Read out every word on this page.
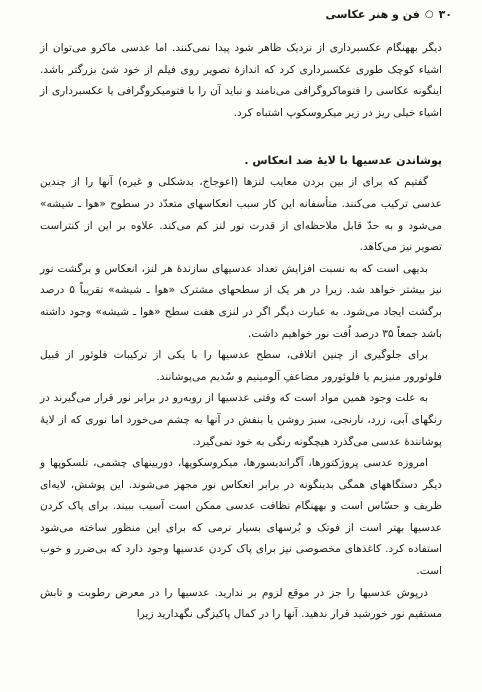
۳۰
○
فن و هنر عکاسی

دیگر بههنگام عکسبرداری از نزدیک ظاهر شود پیدا نمی‌کنند. اما عدسی ماکرو می‌توان از اشیاء کوچک طوری عکسبرداری کرد که اندازهٔ تصویر روی فیلم از خود شئ بزرگتر باشد. اینگونه عکاسی را فتوماکروگرافی می‌نامند و نباید آن را با فتومیکروگرافی یا عکسبرداری از اشیاء خیلی ریز در زیر میکروسکوپ اشتباه کرد.

پوشاندن عدسیها با لایهٔ ضد انعکاس .

گفتیم که برای از بین بردن معایب لنزها (اعوجاج، بدشکلی و غیره) آنها را از چندین عدسی ترکیب می‌کنند. متأسفانه این کار سبب انعکاسهای متعدّد در سطوح «هوا ـ شیشه» می‌شود و به حدّ قابل ملاحظه‌ای از قدرت نور لنز کم می‌کند. علاوه بر این از کنتراست تصویر نیز می‌کاهد.

بدیهی است که به نسبت افزایش تعداد عدسیهای سازندهٔ هر لنز، انعکاس و برگشت نور نیز بیشتر خواهد شد. زیرا در هر یک از سطحهای مشترک «هوا ـ شیشه» تقریباً ۵ درصد برگشت ایجاد می‌شود. به عبارت دیگر اگر در لنزی هفت سطح «هوا ـ شیشه» وجود داشته باشد جمعاً ۳۵ درصد اُفت نور خواهیم داشت.

برای جلوگیری از چنین اتلافی، سطح عدسیها را با یکی از ترکیبات فلوئور از قبیل فلوئورور منیزیم یا فلوئورور مضاعفِ آلومینیم و سُدیم می‌پوشانند.

به علت وجود همین مواد است که وقتی عدسیها از روبه‌رو در برابر نور قرار می‌گیرند در رنگهای آبی، زرد، نارنجی، سبز روشن یا بنفش در آنها به چشم می‌خورد اما نوری که از لایهٔ پوشانندهٔ عدسی می‌گذرد هیچگونه رنگی به خود نمی‌گیرد.

امروزه عدسی پروژکتورها، آگراندیسورها، میکروسکوپها، دوربینهای چشمی، تلسکوپها و دیگر دستگاههای همگی بدینگونه در برابر انعکاس نور مجهز می‌شوند. این پوشش، لایه‌ای ظریف و حسّاس است و بههنگام نظافت عدسی ممکن است آسیب ببیند. برای پاک کردن عدسیها بهتر است از فوتک و بُرسهای بسیار نرمی که برای این منظور ساخته می‌شود استفاده کرد. کاغذهای مخصوصی نیز برای پاک کردن عدسیها وجود دارد که بی‌ضرر و خوب است.

درپوش عدسیها را جز در موقع لزوم بر ندارید. عدسیها را در معرض رطوبت و تابش مستقیم نور خورشید قرار ندهید. آنها را در کمال پاکیزگی نگهدارید زیرا
